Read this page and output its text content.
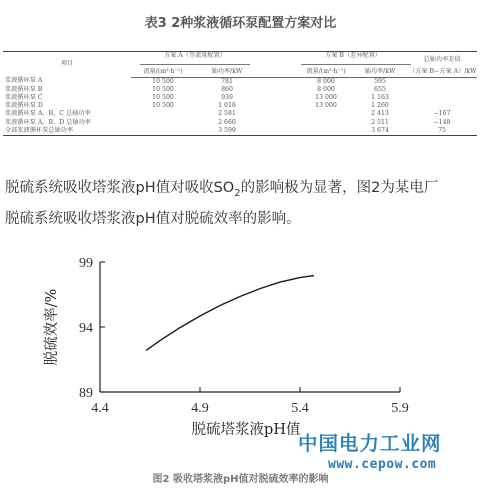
表3 2种浆液循环泵配置方案对比
项目	方案 A（等流量配置）			方案 B（差异配置）		总轴功率差值
	流量/(m³·h⁻¹)	轴功率/kW		流量/(m³·h⁻¹)	轴功率/kW	（方案 B−方案 A）/kW
浆液循环泵 A	10 500	781		8 000	595	
浆液循环泵 B	10 500	860		8 000	655	
浆液循环泵 C	10 500	939		13 000	1 163	
浆液循环泵 D	10 500	1 018		13 000	1 260	
浆液循环泵 A、B、C 总轴功率		2 581			2 413	−167
浆液循环泵 A、B、D 总轴功率		2 660			2 511	−148
全部浆液循环泵总轴功率		3 599			3 674	75
脱硫系统吸收塔浆液pH值对吸收$SO_2$的影响极为显著，图2为某电厂
脱硫系统吸收塔浆液pH值对脱硫效率的影响。
4.4	4.9	5.4	5.9
89
94
99
脱硫塔浆液pH值
脱硫效率/%
中国电力工业网
www.cepow.com
图2 吸收塔浆液pH值对脱硫效率的影响
